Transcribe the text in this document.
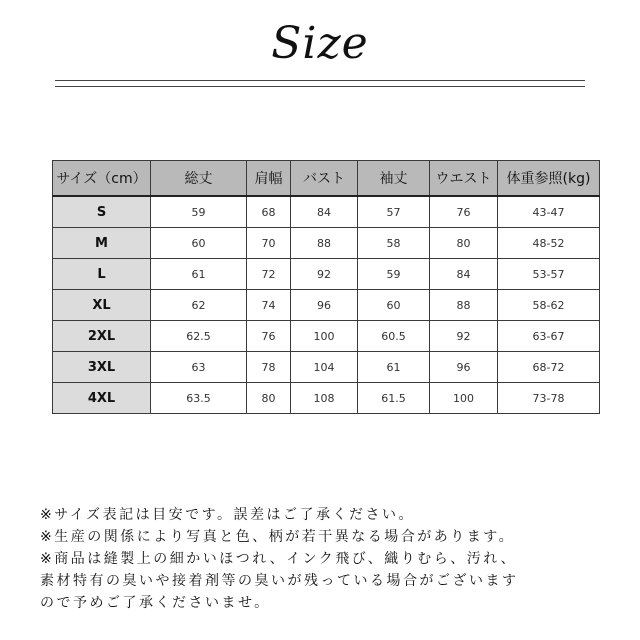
Size
サイズ（cm）	総丈	肩幅	バスト	袖丈	ウエスト	体重参照(kg)
S	59	68	84	57	76	43-47
M	60	70	88	58	80	48-52
L	61	72	92	59	84	53-57
XL	62	74	96	60	88	58-62
2XL	62.5	76	100	60.5	92	63-67
3XL	63	78	104	61	96	68-72
4XL	63.5	80	108	61.5	100	73-78
※サイズ表記は目安です。誤差はご了承ください。
※生産の関係により写真と色、柄が若干異なる場合があります。
※商品は縫製上の細かいほつれ、インク飛び、織りむら、汚れ、
素材特有の臭いや接着剤等の臭いが残っている場合がございます
ので予めご了承くださいませ。
